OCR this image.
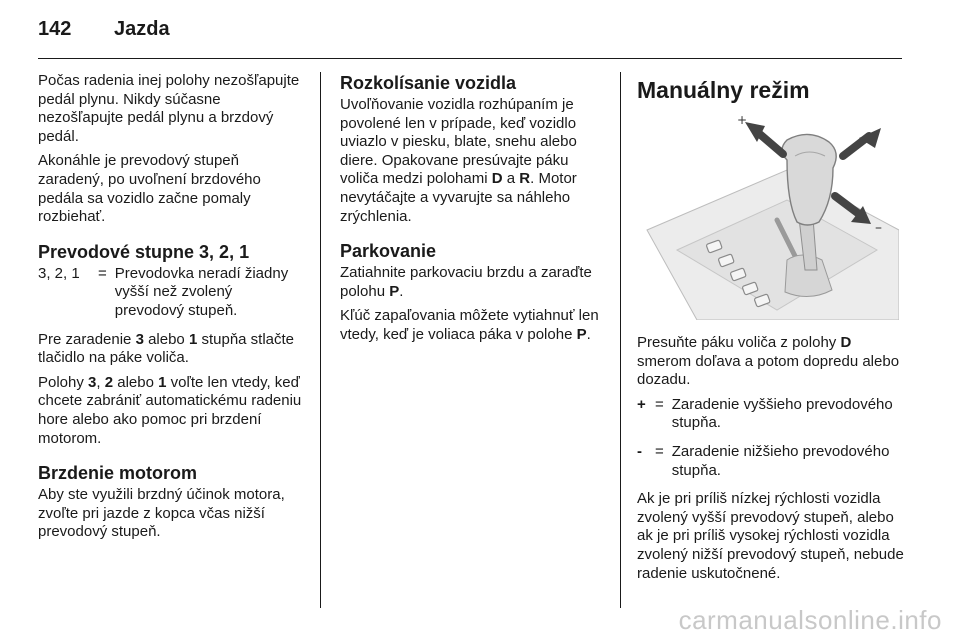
142 Jazda

Počas radenia inej polohy nezošľapujte pedál plynu. Nikdy súčasne nezošľapujte pedál plynu a brzdový pedál.

Akonáhle je prevodový stupeň zaradený, po uvoľnení brzdového pedála sa vozidlo začne pomaly rozbiehať.

Prevodové stupne 3, 2, 1
3, 2, 1	= Prevodovka neradí žiadny vyšší než zvolený prevodový stupeň.

Pre zaradenie 3 alebo 1 stupňa stlačte tlačidlo na páke voliča.

Polohy 3, 2 alebo 1 voľte len vtedy, keď chcete zabrániť automatickému radeniu hore alebo ako pomoc pri brzdení motorom.

Brzdenie motorom

Aby ste využili brzdný účinok motora, zvoľte pri jazde z kopca včas nižší prevodový stupeň.

Rozkolísanie vozidla

Uvoľňovanie vozidla rozhúpaním je povolené len v prípade, keď vozidlo uviazlo v piesku, blate, snehu alebo diere. Opakovane presúvajte páku voliča medzi polohami D a R. Motor nevytáčajte a vyvarujte sa náhleho zrýchlenia.

Parkovanie

Zatiahnite parkovaciu brzdu a zaraďte polohu P.

Kľúč zapaľovania môžete vytiahnuť len vtedy, keď je voliaca páka v polohe P.

Manuálny režim
+
–

Presuňte páku voliča z polohy D smerom doľava a potom dopredu alebo dozadu.

+ = Zaradenie vyššieho prevodového stupňa.
- = Zaradenie nižšieho prevodového stupňa.

Ak je pri príliš nízkej rýchlosti vozidla zvolený vyšší prevodový stupeň, alebo ak je pri príliš vysokej rýchlosti vozidla zvolený nižší prevodový stupeň, nebude radenie uskutočnené.

carmanualsonline.info
